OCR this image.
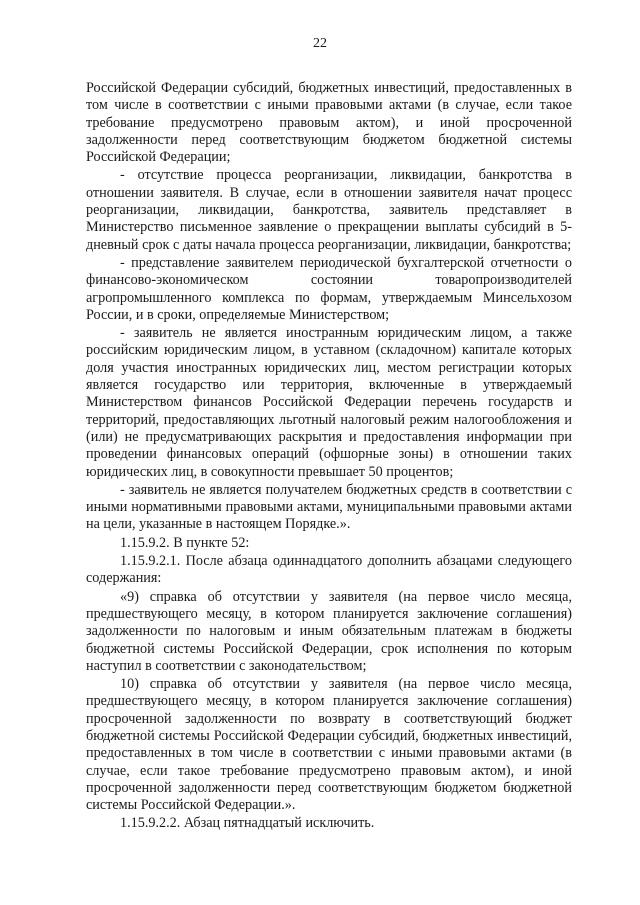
22

Российской Федерации субсидий, бюджетных инвестиций, предоставленных в том числе в соответствии с иными правовыми актами (в случае, если такое требование предусмотрено правовым актом), и иной просроченной задолженности перед соответствующим бюджетом бюджетной системы Российской Федерации;

- отсутствие процесса реорганизации, ликвидации, банкротства в отношении заявителя. В случае, если в отношении заявителя начат процесс реорганизации, ликвидации, банкротства, заявитель представляет в Министерство письменное заявление о прекращении выплаты субсидий в 5-дневный срок с даты начала процесса реорганизации, ликвидации, банкротства;

- представление заявителем периодической бухгалтерской отчетности о финансово-экономическом состоянии товаропроизводителей агропромышленного комплекса по формам, утверждаемым Минсельхозом России, и в сроки, определяемые Министерством;

- заявитель не является иностранным юридическим лицом, а также российским юридическим лицом, в уставном (складочном) капитале которых доля участия иностранных юридических лиц, местом регистрации которых является государство или территория, включенные в утверждаемый Министерством финансов Российской Федерации перечень государств и территорий, предоставляющих льготный налоговый режим налогообложения и (или) не предусматривающих раскрытия и предоставления информации при проведении финансовых операций (офшорные зоны) в отношении таких юридических лиц, в совокупности превышает 50 процентов;

- заявитель не является получателем бюджетных средств в соответствии с иными нормативными правовыми актами, муниципальными правовыми актами на цели, указанные в настоящем Порядке.».

1.15.9.2. В пункте 52:

1.15.9.2.1. После абзаца одиннадцатого дополнить абзацами следующего содержания:

«9) справка об отсутствии у заявителя (на первое число месяца, предшествующего месяцу, в котором планируется заключение соглашения) задолженности по налоговым и иным обязательным платежам в бюджеты бюджетной системы Российской Федерации, срок исполнения по которым наступил в соответствии с законодательством;

10) справка об отсутствии у заявителя (на первое число месяца, предшествующего месяцу, в котором планируется заключение соглашения) просроченной задолженности по возврату в соответствующий бюджет бюджетной системы Российской Федерации субсидий, бюджетных инвестиций, предоставленных в том числе в соответствии с иными правовыми актами (в случае, если такое требование предусмотрено правовым актом), и иной просроченной задолженности перед соответствующим бюджетом бюджетной системы Российской Федерации.».

1.15.9.2.2. Абзац пятнадцатый исключить.
